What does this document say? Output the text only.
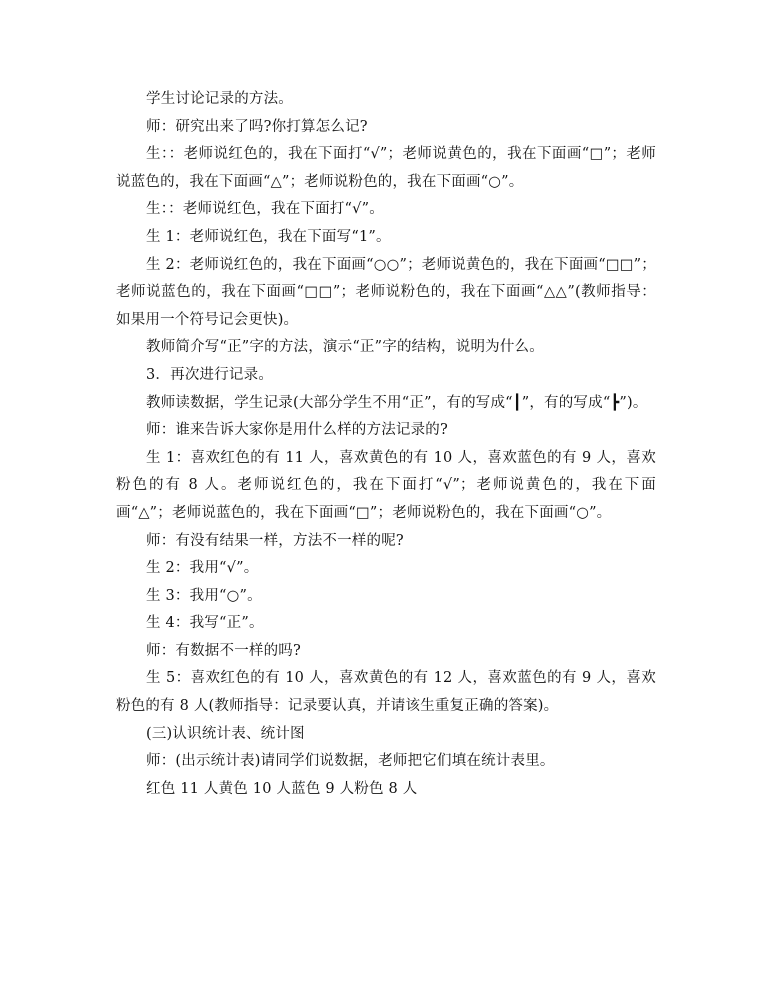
学生讨论记录的方法。

师：研究出来了吗?你打算怎么记?

生：：老师说红色的，我在下面打“√”；老师说黄色的，我在下面画“□”；老师说蓝色的，我在下面画“△”；老师说粉色的，我在下面画“○”。

生：：老师说红色，我在下面打“√”。

生 1：老师说红色，我在下面写“1”。

生 2：老师说红色的，我在下面画“○○”；老师说黄色的，我在下面画“□□”；老师说蓝色的，我在下面画“□□”；老师说粉色的，我在下面画“△△”(教师指导：如果用一个符号记会更快)。

教师简介写“正”字的方法，演示“正”字的结构，说明为什么。

3．再次进行记录。

教师读数据，学生记录(大部分学生不用“正”，有的写成“┃”，有的写成“┣”)。

师：谁来告诉大家你是用什么样的方法记录的?

生 1：喜欢红色的有 11 人，喜欢黄色的有 10 人，喜欢蓝色的有 9 人，喜欢粉色的有 8 人。老师说红色的，我在下面打“√”；老师说黄色的，我在下面画“△”；老师说蓝色的，我在下面画“□”；老师说粉色的，我在下面画“○”。

师：有没有结果一样，方法不一样的呢?

生 2：我用“√”。

生 3：我用“○”。

生 4：我写“正”。

师：有数据不一样的吗?

生 5：喜欢红色的有 10 人，喜欢黄色的有 12 人，喜欢蓝色的有 9 人，喜欢粉色的有 8 人(教师指导：记录要认真，并请该生重复正确的答案)。

(三)认识统计表、统计图

师：(出示统计表)请同学们说数据，老师把它们填在统计表里。

红色 11 人黄色 10 人蓝色 9 人粉色 8 人
